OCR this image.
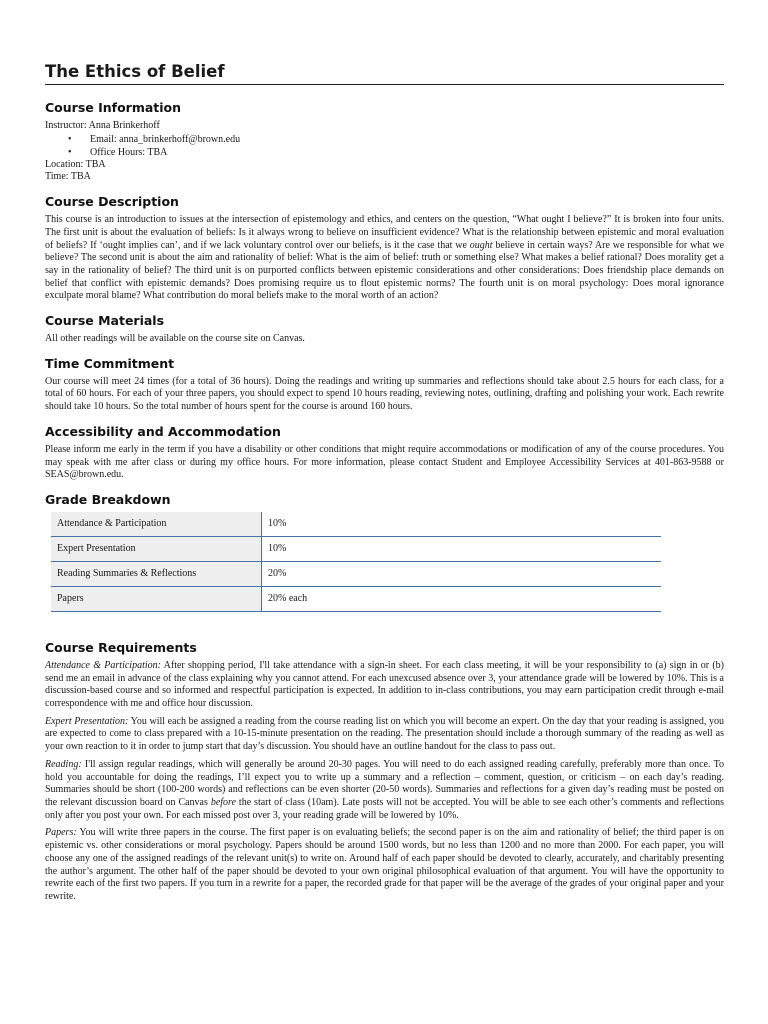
The Ethics of Belief
Course Information
Instructor: Anna Brinkerhoff
• Email: anna_brinkerhoff@brown.edu
• Office Hours: TBA
Location: TBA
Time: TBA
Course Description

This course is an introduction to issues at the intersection of epistemology and ethics, and centers on the question, “What ought I believe?” It is broken into four units. The first unit is about the evaluation of beliefs: Is it always wrong to believe on insufficient evidence? What is the relationship between epistemic and moral evaluation of beliefs? If ‘ought implies can’, and if we lack voluntary control over our beliefs, is it the case that we ought believe in certain ways? Are we responsible for what we believe? The second unit is about the aim and rationality of belief: What is the aim of belief: truth or something else? What makes a belief rational? Does morality get a say in the rationality of belief? The third unit is on purported conflicts between epistemic considerations and other considerations: Does friendship place demands on belief that conflict with epistemic demands? Does promising require us to flout epistemic norms? The fourth unit is on moral psychology: Does moral ignorance exculpate moral blame? What contribution do moral beliefs make to the moral worth of an action?

Course Materials

All other readings will be available on the course site on Canvas.

Time Commitment

Our course will meet 24 times (for a total of 36 hours). Doing the readings and writing up summaries and reflections should take about 2.5 hours for each class, for a total of 60 hours. For each of your three papers, you should expect to spend 10 hours reading, reviewing notes, outlining, drafting and polishing your work. Each rewrite should take 10 hours. So the total number of hours spent for the course is around 160 hours.

Accessibility and Accommodation

Please inform me early in the term if you have a disability or other conditions that might require accommodations or modification of any of the course procedures. You may speak with me after class or during my office hours. For more information, please contact Student and Employee Accessibility Services at 401-863-9588 or SEAS@brown.edu.

Grade Breakdown
Attendance & Participation	10%
Expert Presentation	10%
Reading Summaries & Reflections	20%
Papers	20% each
Course Requirements

Attendance & Participation: After shopping period, I'll take attendance with a sign-in sheet. For each class meeting, it will be your responsibility to (a) sign in or (b) send me an email in advance of the class explaining why you cannot attend. For each unexcused absence over 3, your attendance grade will be lowered by 10%. This is a discussion-based course and so informed and respectful participation is expected. In addition to in-class contributions, you may earn participation credit through e-mail correspondence with me and office hour discussion.

Expert Presentation: You will each be assigned a reading from the course reading list on which you will become an expert. On the day that your reading is assigned, you are expected to come to class prepared with a 10-15-minute presentation on the reading. The presentation should include a thorough summary of the reading as well as your own reaction to it in order to jump start that day’s discussion. You should have an outline handout for the class to pass out.

Reading: I'll assign regular readings, which will generally be around 20-30 pages. You will need to do each assigned reading carefully, preferably more than once. To hold you accountable for doing the readings, I’ll expect you to write up a summary and a reflection – comment, question, or criticism – on each day’s reading. Summaries should be short (100-200 words) and reflections can be even shorter (20-50 words). Summaries and reflections for a given day’s reading must be posted on the relevant discussion board on Canvas before the start of class (10am). Late posts will not be accepted. You will be able to see each other’s comments and reflections only after you post your own. For each missed post over 3, your reading grade will be lowered by 10%.

Papers: You will write three papers in the course. The first paper is on evaluating beliefs; the second paper is on the aim and rationality of belief; the third paper is on epistemic vs. other considerations or moral psychology. Papers should be around 1500 words, but no less than 1200 and no more than 2000. For each paper, you will choose any one of the assigned readings of the relevant unit(s) to write on. Around half of each paper should be devoted to clearly, accurately, and charitably presenting the author’s argument. The other half of the paper should be devoted to your own original philosophical evaluation of that argument. You will have the opportunity to rewrite each of the first two papers. If you turn in a rewrite for a paper, the recorded grade for that paper will be the average of the grades of your original paper and your rewrite.
